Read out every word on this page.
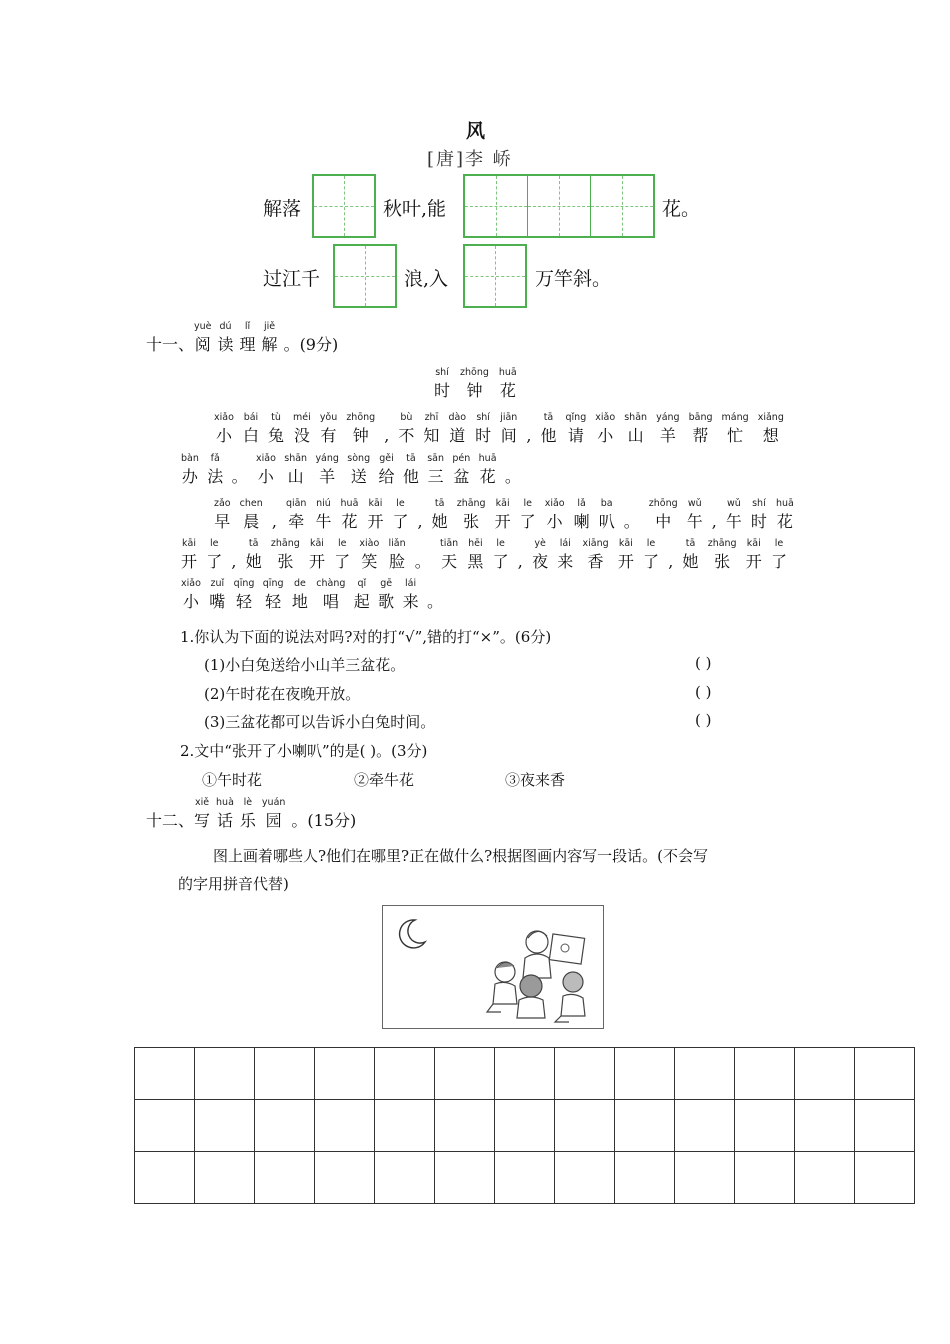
风
[唐]李 峤
解落	秋叶,能	花。
过江千	浪,入	万竿斜。
十一、
yuè
阅
dú
读
lǐ
理
jiě
解 。(9分)
shí
时
zhōng
钟
huā
花
xiǎo
小
bái
白
tù
兔
méi
没
yǒu
有
zhōng
钟 ,
bù
不
zhī
知
dào
道
shí
时
jiān
间 ,
tā
他
qǐng
请
xiǎo
小
shān
山
yáng
羊
bāng
帮
máng
忙
xiǎng
想
bàn
办
fǎ
法 。
xiǎo
小
shān
山
yáng
羊
sòng
送
gěi
给
tā
他
sān
三
pén
盆
huā
花 。
zǎo
早
chen
晨 ,
qiān
牵
niú
牛
huā
花
kāi
开
le
了 ,
tā
她
zhāng
张
kāi
开
le
了
xiǎo
小
lǎ
喇
ba
叭 。
zhōng
中
wǔ
午 ,
wǔ
午
shí
时
huā
花
kāi
开
le
了 ,
tā
她
zhāng
张
kāi
开
le
了
xiào
笑
liǎn
脸 。
tiān
天
hēi
黑
le
了 ,
yè
夜
lái
来
xiāng
香
kāi
开
le
了 ,
tā
她
zhāng
张
kāi
开
le
了
xiǎo
小
zuǐ
嘴
qīng
轻
qīng
轻
de
地
chàng
唱
qǐ
起
gē
歌
lái
来 。
1.你认为下面的说法对吗?对的打“√”,错的打“×”。(6分)
(1)小白兔送给小山羊三盆花。	( )
(2)午时花在夜晚开放。	( )
(3)三盆花都可以告诉小白兔时间。	( )
2.文中“张开了小喇叭”的是( )。(3分)
①午时花	②牵牛花	③夜来香
十二、
xiě
写
huà
话
lè
乐
yuán
园 。(15分)
图上画着哪些人?他们在哪里?正在做什么?根据图画内容写一段话。(不会写
的字用拼音代替)
